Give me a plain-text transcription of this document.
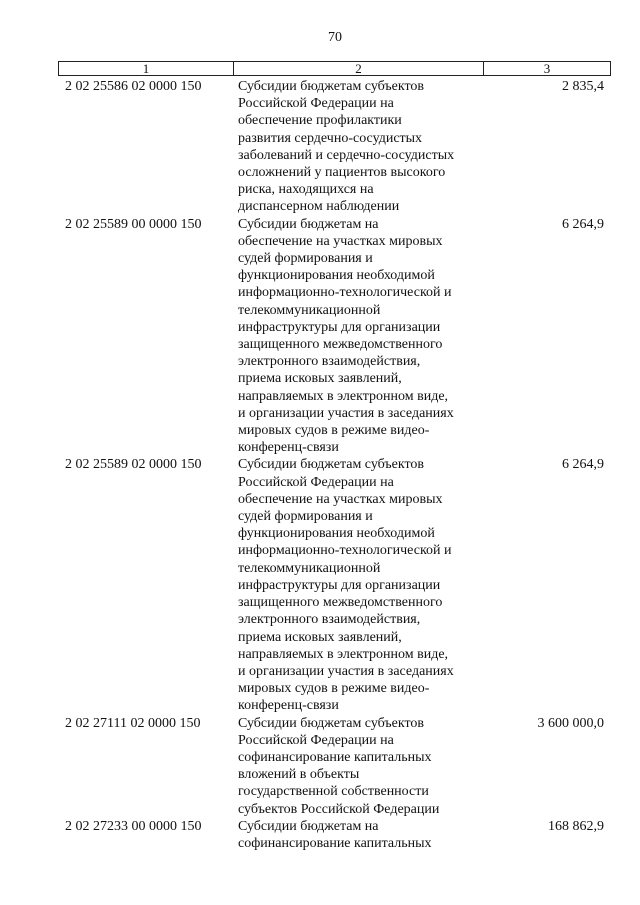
70
1	2	3
2 02 25586 02 0000 150	Субсидии бюджетам субъектов
Российской Федерации на
обеспечение профилактики
развития сердечно-сосудистых
заболеваний и сердечно-сосудистых
осложнений у пациентов высокого
риска, находящихся на
диспансерном наблюдении
2 835,4
2 02 25589 00 0000 150	Субсидии бюджетам на
обеспечение на участках мировых
судей формирования и
функционирования необходимой
информационно-технологической и
телекоммуникационной
инфраструктуры для организации
защищенного межведомственного
электронного взаимодействия,
приема исковых заявлений,
направляемых в электронном виде,
и организации участия в заседаниях
мировых судов в режиме видео-
конференц-связи
6 264,9
2 02 25589 02 0000 150	Субсидии бюджетам субъектов
Российской Федерации на
обеспечение на участках мировых
судей формирования и
функционирования необходимой
информационно-технологической и
телекоммуникационной
инфраструктуры для организации
защищенного межведомственного
электронного взаимодействия,
приема исковых заявлений,
направляемых в электронном виде,
и организации участия в заседаниях
мировых судов в режиме видео-
конференц-связи
6 264,9
2 02 27111 02 0000 150	Субсидии бюджетам субъектов
Российской Федерации на
софинансирование капитальных
вложений в объекты
государственной собственности
субъектов Российской Федерации
3 600 000,0
2 02 27233 00 0000 150	Субсидии бюджетам на
софинансирование капитальных
168 862,9
